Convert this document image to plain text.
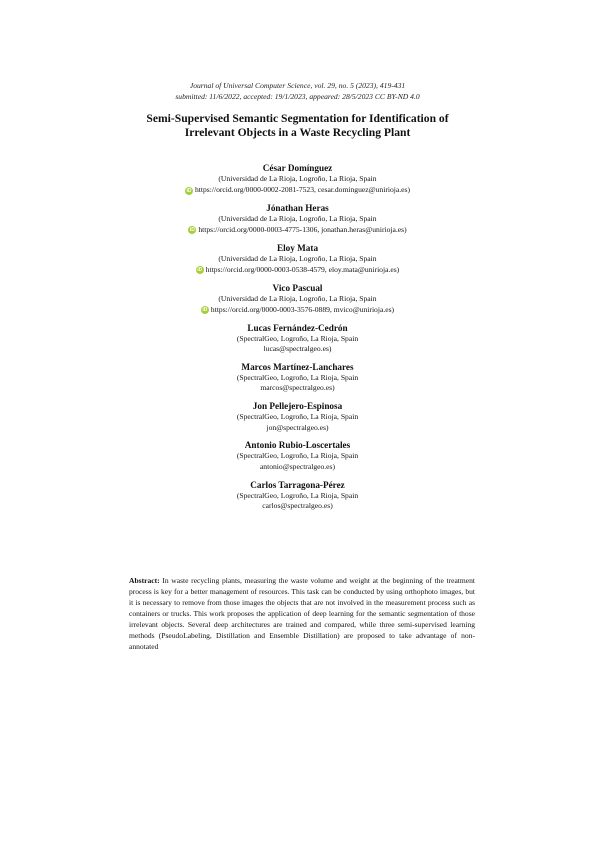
Journal of Universal Computer Science, vol. 29, no. 5 (2023), 419-431
submitted: 11/6/2022, accepted: 19/1/2023, appeared: 28/5/2023 CC BY-ND 4.0
Semi-Supervised Semantic Segmentation for Identification of
Irrelevant Objects in a Waste Recycling Plant
César Domínguez
(Universidad de La Rioja, Logroño, La Rioja, Spain
iD https://orcid.org/0000-0002-2081-7523, cesar.dominguez@unirioja.es)
Jónathan Heras
(Universidad de La Rioja, Logroño, La Rioja, Spain
iD https://orcid.org/0000-0003-4775-1306, jonathan.heras@unirioja.es)
Eloy Mata
(Universidad de La Rioja, Logroño, La Rioja, Spain
iD https://orcid.org/0000-0003-0538-4579, eloy.mata@unirioja.es)
Vico Pascual
(Universidad de La Rioja, Logroño, La Rioja, Spain
iD https://orcid.org/0000-0003-3576-0889, mvico@unirioja.es)
Lucas Fernández-Cedrón
(SpectralGeo, Logroño, La Rioja, Spain
lucas@spectralgeo.es)
Marcos Martínez-Lanchares
(SpectralGeo, Logroño, La Rioja, Spain
marcos@spectralgeo.es)
Jon Pellejero-Espinosa
(SpectralGeo, Logroño, La Rioja, Spain
jon@spectralgeo.es)
Antonio Rubio-Loscertales
(SpectralGeo, Logroño, La Rioja, Spain
antonio@spectralgeo.es)
Carlos Tarragona-Pérez
(SpectralGeo, Logroño, La Rioja, Spain
carlos@spectralgeo.es)
Abstract: In waste recycling plants, measuring the waste volume and weight at the beginning of the treatment process is key for a better management of resources. This task can be conducted by using orthophoto images, but it is necessary to remove from those images the objects that are not involved in the measurement process such as containers or trucks. This work proposes the application of deep learning for the semantic segmentation of those irrelevant objects. Several deep architectures are trained and compared, while three semi-supervised learning methods (PseudoLabeling, Distillation and Ensemble Distillation) are proposed to take advantage of non-annotated
